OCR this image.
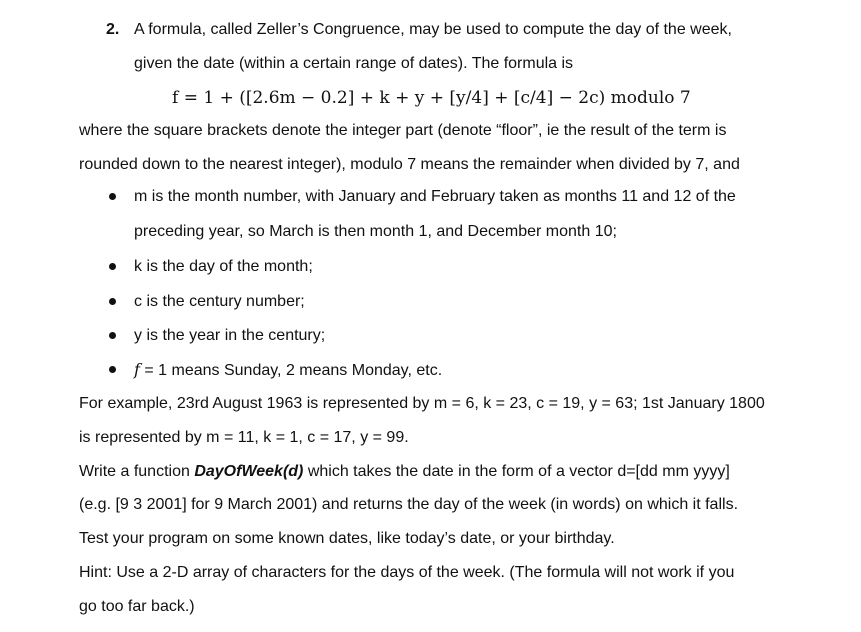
2. A formula, called Zeller’s Congruence, may be used to compute the day of the week,
given the date (within a certain range of dates). The formula is
f = 1 + ([2.6m − 0.2] + k + y + [y/4] + [c/4] − 2c) modulo 7
where the square brackets denote the integer part (denote “floor”, ie the result of the term is
rounded down to the nearest integer), modulo 7 means the remainder when divided by 7, and
m is the month number, with January and February taken as months 11 and 12 of the
preceding year, so March is then month 1, and December month 10;
k is the day of the month;
c is the century number;
y is the year in the century;
f = 1 means Sunday, 2 means Monday, etc.
For example, 23rd August 1963 is represented by m = 6, k = 23, c = 19, y = 63; 1st January 1800
is represented by m = 11, k = 1, c = 17, y = 99.
Write a function DayOfWeek(d) which takes the date in the form of a vector d=[dd mm yyyy]
(e.g. [9 3 2001] for 9 March 2001) and returns the day of the week (in words) on which it falls.
Test your program on some known dates, like today’s date, or your birthday.
Hint: Use a 2-D array of characters for the days of the week. (The formula will not work if you
go too far back.)
